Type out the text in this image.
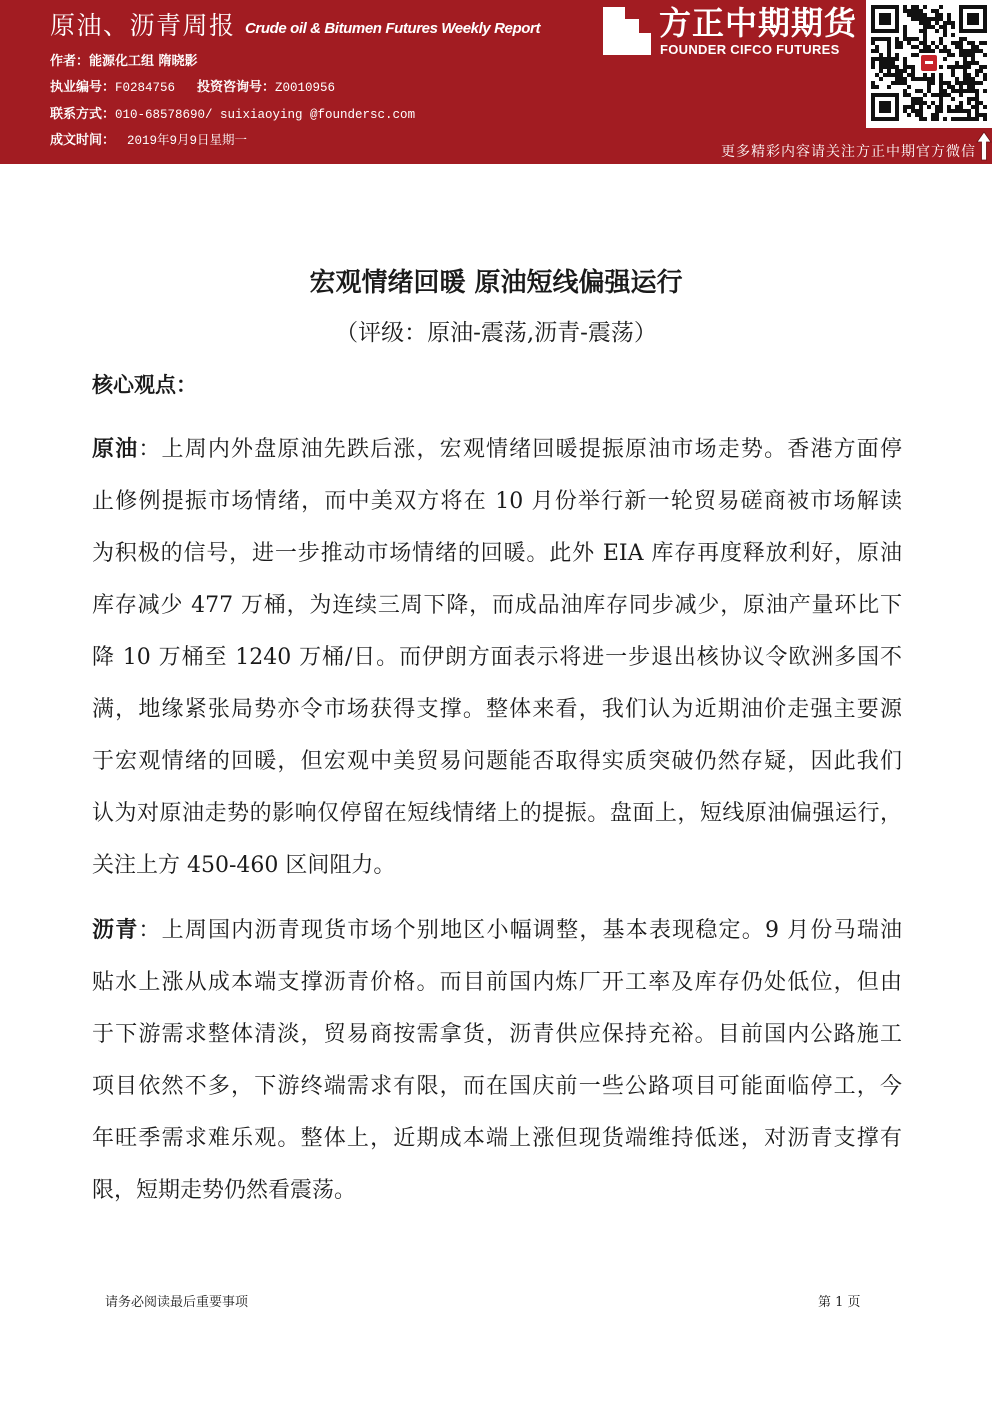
原油、沥青周报 Crude oil & Bitumen Futures Weekly Report
作者：能源化工组 隋晓影
执业编号：F0284756 投资咨询号：Z0010956
联系方式：010-68578690/ suixiaoying @foundersc.com
成文时间： 2019年9月9日星期一
方正中期期货
FOUNDER CIFCO FUTURES
更多精彩内容请关注方正中期官方微信
宏观情绪回暖 原油短线偏强运行
（评级：原油-震荡,沥青-震荡）
核心观点：
原油：上周内外盘原油先跌后涨，宏观情绪回暖提振原油市场走势。香港方面停
止修例提振市场情绪，而中美双方将在 10 月份举行新一轮贸易磋商被市场解读
为积极的信号，进一步推动市场情绪的回暖。此外 EIA 库存再度释放利好，原油
库存减少 477 万桶，为连续三周下降，而成品油库存同步减少，原油产量环比下
降 10 万桶至 1240 万桶/日。而伊朗方面表示将进一步退出核协议令欧洲多国不
满，地缘紧张局势亦令市场获得支撑。整体来看，我们认为近期油价走强主要源
于宏观情绪的回暖，但宏观中美贸易问题能否取得实质突破仍然存疑，因此我们
认为对原油走势的影响仅停留在短线情绪上的提振。盘面上，短线原油偏强运行，
关注上方 450-460 区间阻力。
沥青：上周国内沥青现货市场个别地区小幅调整，基本表现稳定。9 月份马瑞油
贴水上涨从成本端支撑沥青价格。而目前国内炼厂开工率及库存仍处低位，但由
于下游需求整体清淡，贸易商按需拿货，沥青供应保持充裕。目前国内公路施工
项目依然不多，下游终端需求有限，而在国庆前一些公路项目可能面临停工，今
年旺季需求难乐观。整体上，近期成本端上涨但现货端维持低迷，对沥青支撑有
限，短期走势仍然看震荡。
请务必阅读最后重要事项	第 1 页
